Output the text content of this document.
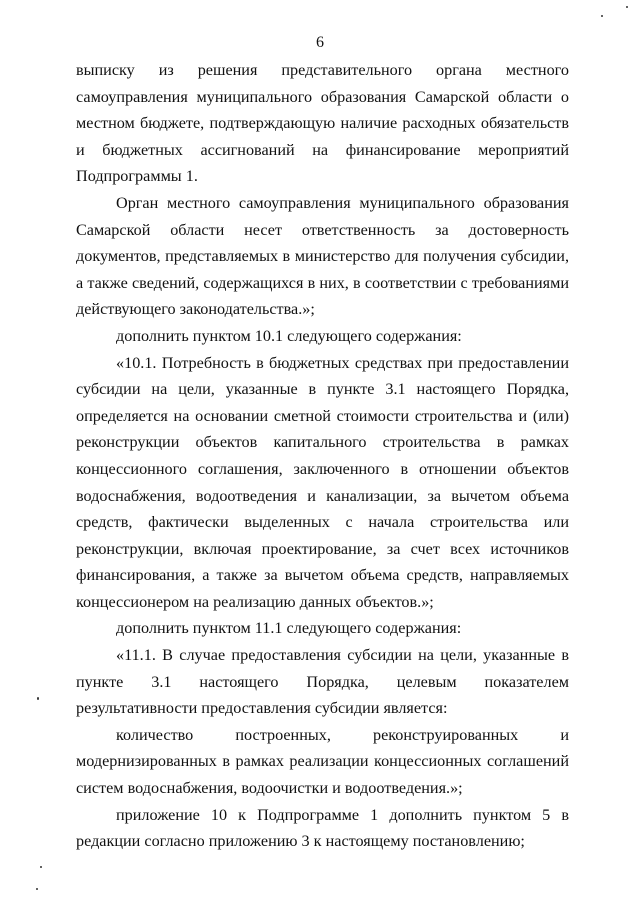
6

выписку из решения представительного органа местного самоуправления муниципального образования Самарской области о местном бюджете, подтверждающую наличие расходных обязательств и бюджетных ассигнований на финансирование мероприятий Подпрограммы 1.

Орган местного самоуправления муниципального образования Самарской области несет ответственность за достоверность документов, представляемых в министерство для получения субсидии, а также сведений, содержащихся в них, в соответствии с требованиями действующего законодательства.»;

дополнить пунктом 10.1 следующего содержания:

«10.1. Потребность в бюджетных средствах при предоставлении субсидии на цели, указанные в пункте 3.1 настоящего Порядка, определяется на основании сметной стоимости строительства и (или) реконструкции объектов капитального строительства в рамках концессионного соглашения, заключенного в отношении объектов водоснабжения, водоотведения и канализации, за вычетом объема средств, фактически выделенных с начала строительства или реконструкции, включая проектирование, за счет всех источников финансирования, а также за вычетом объема средств, направляемых концессионером на реализацию данных объектов.»;

дополнить пунктом 11.1 следующего содержания:

«11.1. В случае предоставления субсидии на цели, указанные в пункте 3.1 настоящего Порядка, целевым показателем результативности предоставления субсидии является:

количество построенных, реконструированных и модернизированных в рамках реализации концессионных соглашений систем водоснабжения, водоочистки и водоотведения.»;

приложение 10 к Подпрограмме 1 дополнить пунктом 5 в редакции согласно приложению 3 к настоящему постановлению;
